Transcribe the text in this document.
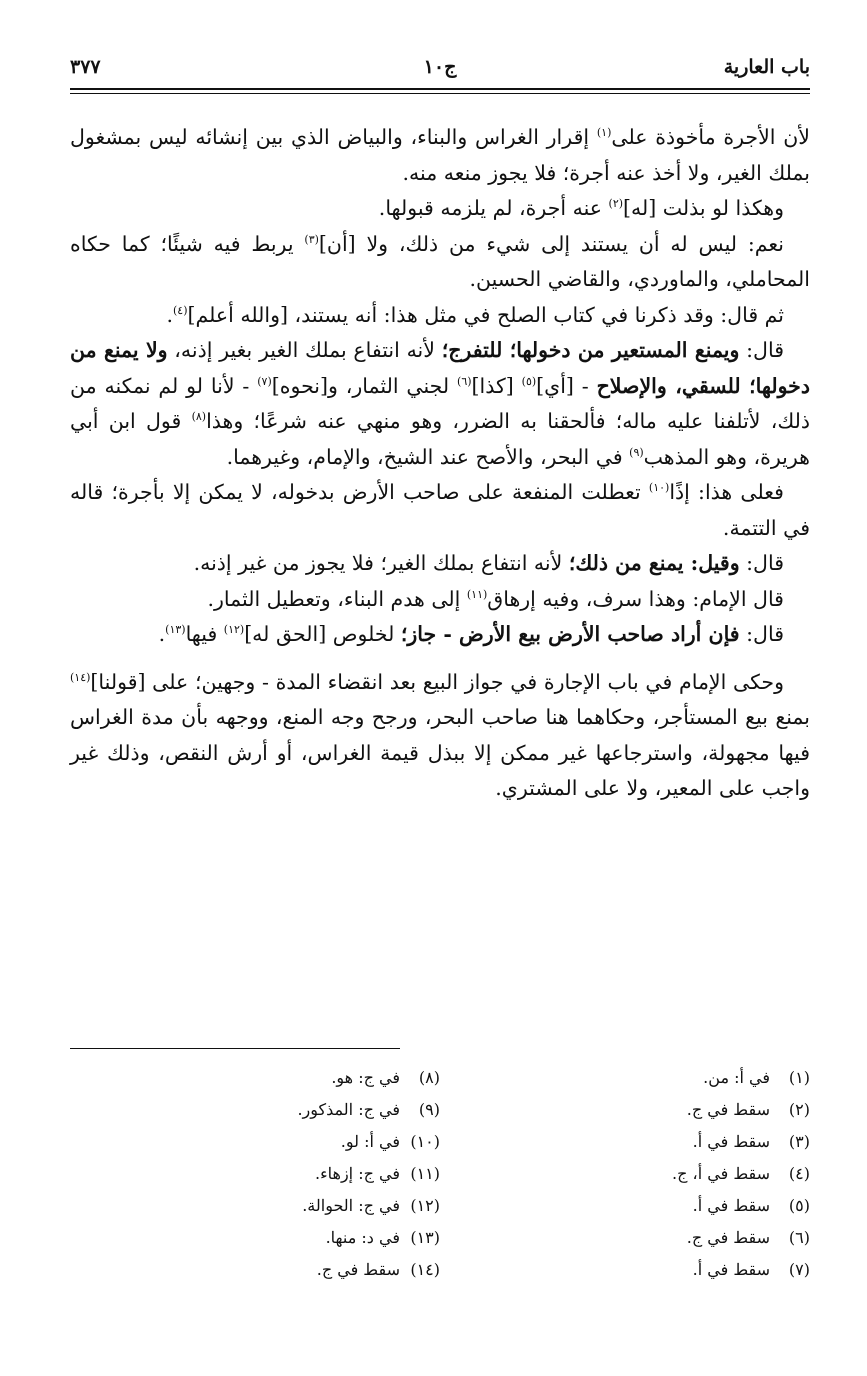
باب العارية
ج١٠
٣٧٧

لأن الأجرة مأخوذة على$^{(١)}$ إقرار الغراس والبناء، والبياض الذي بين إنشائه ليس بمشغول بملك الغير، ولا أخذ عنه أجرة؛ فلا يجوز منعه منه.

وهكذا لو بذلت [له]$^{(٢)}$ عنه أجرة، لم يلزمه قبولها.

نعم: ليس له أن يستند إلى شيء من ذلك، ولا [أن]$^{(٣)}$ يربط فيه شيئًا؛ كما حكاه المحاملي، والماوردي، والقاضي الحسين.

ثم قال: وقد ذكرنا في كتاب الصلح في مثل هذا: أنه يستند، [والله أعلم]$^{(٤)}$.

قال: ويمنع المستعير من دخولها؛ للتفرج؛ لأنه انتفاع بملك الغير بغير إذنه، ولا يمنع من دخولها؛ للسقي، والإصلاح - [أي]$^{(٥)}$ [كذا]$^{(٦)}$ لجني الثمار، و[نحوه]$^{(٧)}$ - لأنا لو لم نمكنه من ذلك، لأتلفنا عليه ماله؛ فألحقنا به الضرر، وهو منهي عنه شرعًا؛ وهذا$^{(٨)}$ قول ابن أبي هريرة، وهو المذهب$^{(٩)}$ في البحر، والأصح عند الشيخ، والإمام، وغيرهما.

فعلى هذا: إذًا$^{(١٠)}$ تعطلت المنفعة على صاحب الأرض بدخوله، لا يمكن إلا بأجرة؛ قاله في التتمة.

قال: وقيل: يمنع من ذلك؛ لأنه انتفاع بملك الغير؛ فلا يجوز من غير إذنه.

قال الإمام: وهذا سرف، وفيه إرهاق$^{(١١)}$ إلى هدم البناء، وتعطيل الثمار.

قال: فإن أراد صاحب الأرض بيع الأرض - جاز؛ لخلوص [الحق له]$^{(١٢)}$ فيها$^{(١٣)}$.

وحكى الإمام في باب الإجارة في جواز البيع بعد انقضاء المدة - وجهين؛ على [قولنا]$^{(١٤)}$ بمنع بيع المستأجر، وحكاهما هنا صاحب البحر، ورجح وجه المنع، ووجهه بأن مدة الغراس فيها مجهولة، واسترجاعها غير ممكن إلا ببذل قيمة الغراس، أو أرش النقص، وذلك غير واجب على المعير، ولا على المشتري.

(١)في أ: من.
(٢)سقط في ج.
(٣)سقط في أ.
(٤)سقط في أ، ج.
(٥)سقط في أ.
(٦)سقط في ج.
(٧)سقط في أ.
(٨)في ج: هو.
(٩)في ج: المذكور.
(١٠)في أ: لو.
(١١)في ج: إزهاء.
(١٢)في ج: الحوالة.
(١٣)في د: منها.
(١٤)سقط في ج.
